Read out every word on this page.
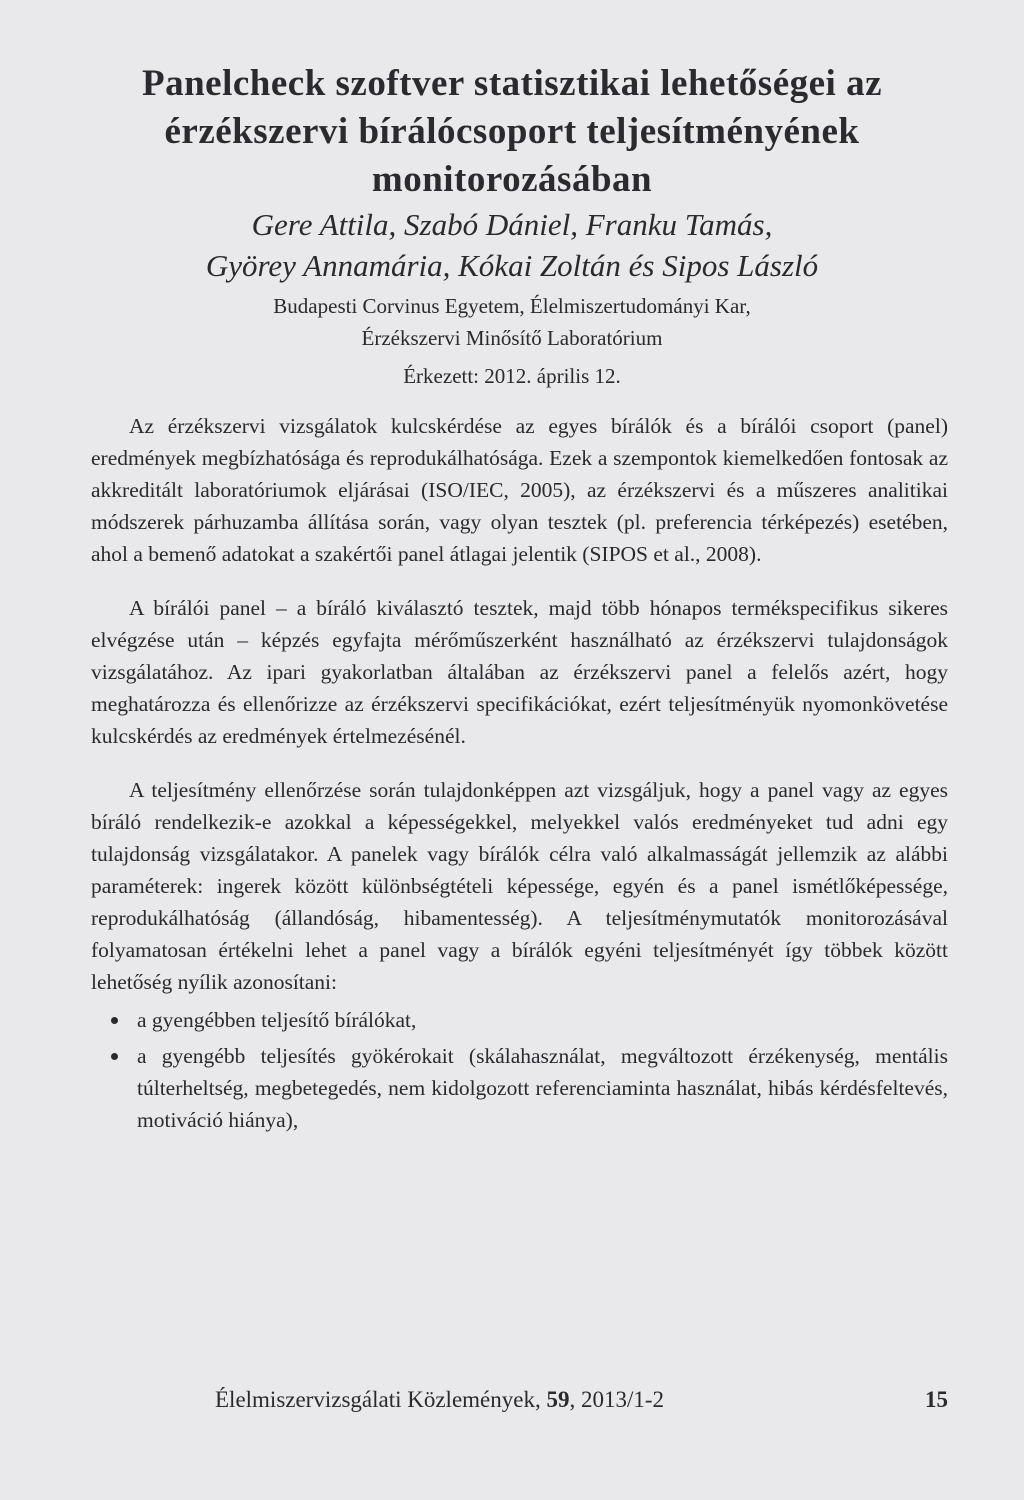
Panelcheck szoftver statisztikai lehetőségei az
érzékszervi bírálócsoport teljesítményének
monitorozásában
Gere Attila, Szabó Dániel, Franku Tamás,
Györey Annamária, Kókai Zoltán és Sipos László
Budapesti Corvinus Egyetem, Élelmiszertudományi Kar,
Érzékszervi Minősítő Laboratórium
Érkezett: 2012. április 12.

Az érzékszervi vizsgálatok kulcskérdése az egyes bírálók és a bírálói csoport (panel) eredmények megbízhatósága és reprodukálhatósága. Ezek a szempontok kiemelkedően fontosak az akkreditált laboratóriumok eljárásai (ISO/IEC, 2005), az érzékszervi és a műszeres analitikai módszerek párhuzamba állítása során, vagy olyan tesztek (pl. preferencia térképezés) esetében, ahol a bemenő adatokat a szakértői panel átlagai jelentik (SIPOS et al., 2008).

A bírálói panel – a bíráló kiválasztó tesztek, majd több hónapos termékspecifikus sikeres elvégzése után – képzés egyfajta mérőműszerként használható az érzékszervi tulajdonságok vizsgálatához. Az ipari gyakorlatban általában az érzékszervi panel a felelős azért, hogy meghatározza és ellenőrizze az érzékszervi specifikációkat, ezért teljesítményük nyomonkövetése kulcskérdés az eredmények értelmezésénél.

A teljesítmény ellenőrzése során tulajdonképpen azt vizsgáljuk, hogy a panel vagy az egyes bíráló rendelkezik-e azokkal a képességekkel, melyekkel valós eredményeket tud adni egy tulajdonság vizsgálatakor. A panelek vagy bírálók célra való alkalmasságát jellemzik az alábbi paraméterek: ingerek között különbségtételi képessége, egyén és a panel ismétlőképessége, reprodukálhatóság (állandóság, hibamentesség). A teljesítménymutatók monitorozásával folyamatosan értékelni lehet a panel vagy a bírálók egyéni teljesítményét így többek között lehetőség nyílik azonosítani:

a gyengébben teljesítő bírálókat,
a gyengébb teljesítés gyökérokait (skálahasználat, megváltozott érzékenység, mentális túlterheltség, megbetegedés, nem kidolgozott referenciaminta használat, hibás kérdésfeltevés, motiváció hiánya),
Élelmiszervizsgálati Közlemények, 59, 2013/1-2	15
